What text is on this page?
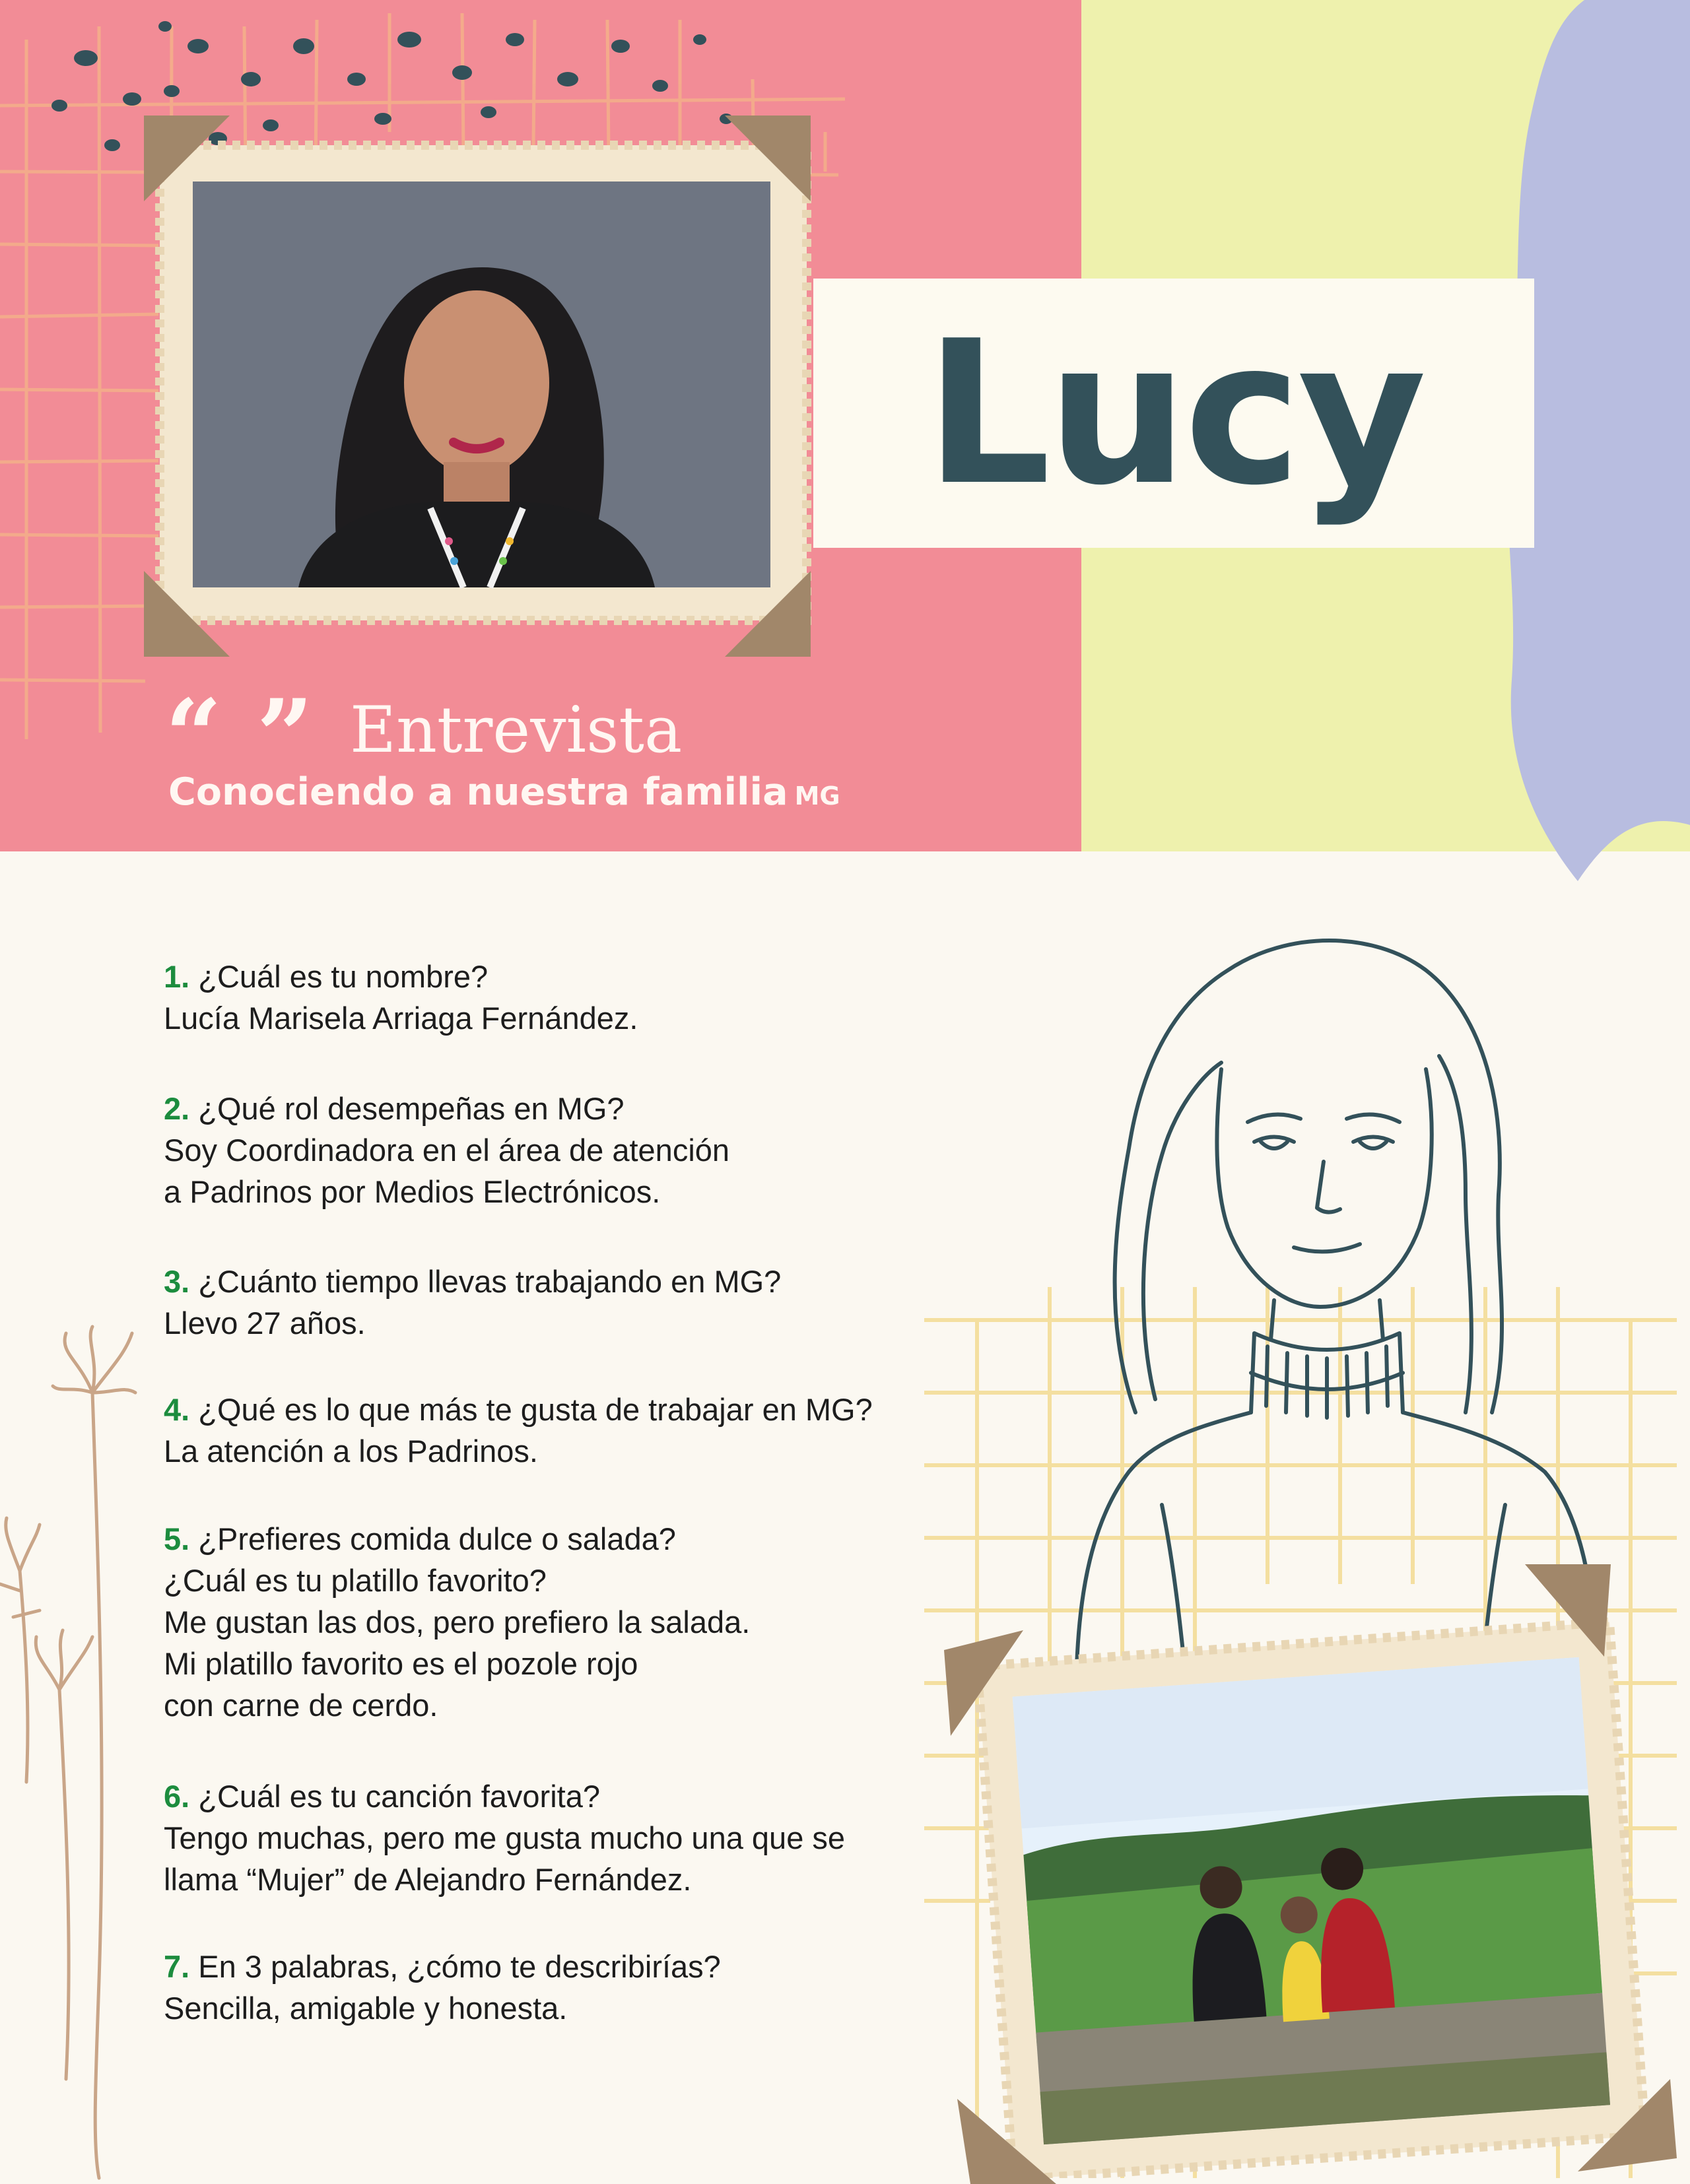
Lucy
“ ” Entrevista
Conociendo a nuestra familia MG

1. ¿Cuál es tu nombre?

Lucía Marisela Arriaga Fernández.

2. ¿Qué rol desempeñas en MG?

Soy Coordinadora en el área de atención
a Padrinos por Medios Electrónicos.

3. ¿Cuánto tiempo llevas trabajando en MG?

Llevo 27 años.

4. ¿Qué es lo que más te gusta de trabajar en MG?

La atención a los Padrinos.

5. ¿Prefieres comida dulce o salada?
¿Cuál es tu platillo favorito?

Me gustan las dos, pero prefiero la salada.
Mi platillo favorito es el pozole rojo
con carne de cerdo.

6. ¿Cuál es tu canción favorita?

Tengo muchas, pero me gusta mucho una que se
llama “Mujer” de Alejandro Fernández.

7. En 3 palabras, ¿cómo te describirías?

Sencilla, amigable y honesta.
